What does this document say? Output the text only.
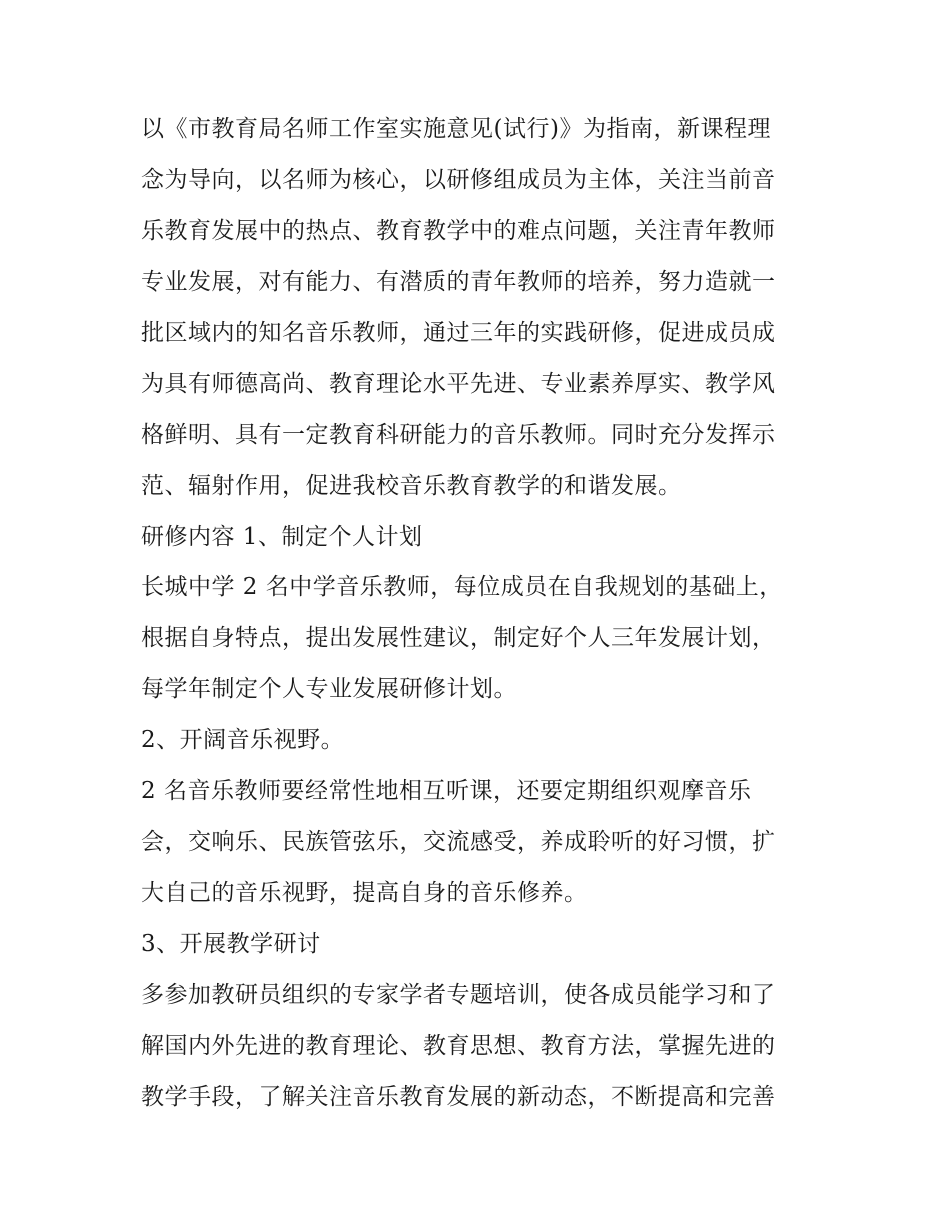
以《市教育局名师工作室实施意见(试行)》为指南，新课程理

念为导向，以名师为核心，以研修组成员为主体，关注当前音

乐教育发展中的热点、教育教学中的难点问题，关注青年教师

专业发展，对有能力、有潜质的青年教师的培养，努力造就一

批区域内的知名音乐教师，通过三年的实践研修，促进成员成

为具有师德高尚、教育理论水平先进、专业素养厚实、教学风

格鲜明、具有一定教育科研能力的音乐教师。同时充分发挥示

范、辐射作用，促进我校音乐教育教学的和谐发展。

研修内容 1、制定个人计划

长城中学 2 名中学音乐教师，每位成员在自我规划的基础上，

根据自身特点，提出发展性建议，制定好个人三年发展计划，

每学年制定个人专业发展研修计划。

2、开阔音乐视野。

2 名音乐教师要经常性地相互听课，还要定期组织观摩音乐

会，交响乐、民族管弦乐，交流感受，养成聆听的好习惯，扩

大自己的音乐视野，提高自身的音乐修养。

3、开展教学研讨

多参加教研员组织的专家学者专题培训，使各成员能学习和了

解国内外先进的教育理论、教育思想、教育方法，掌握先进的

教学手段，了解关注音乐教育发展的新动态，不断提高和完善
